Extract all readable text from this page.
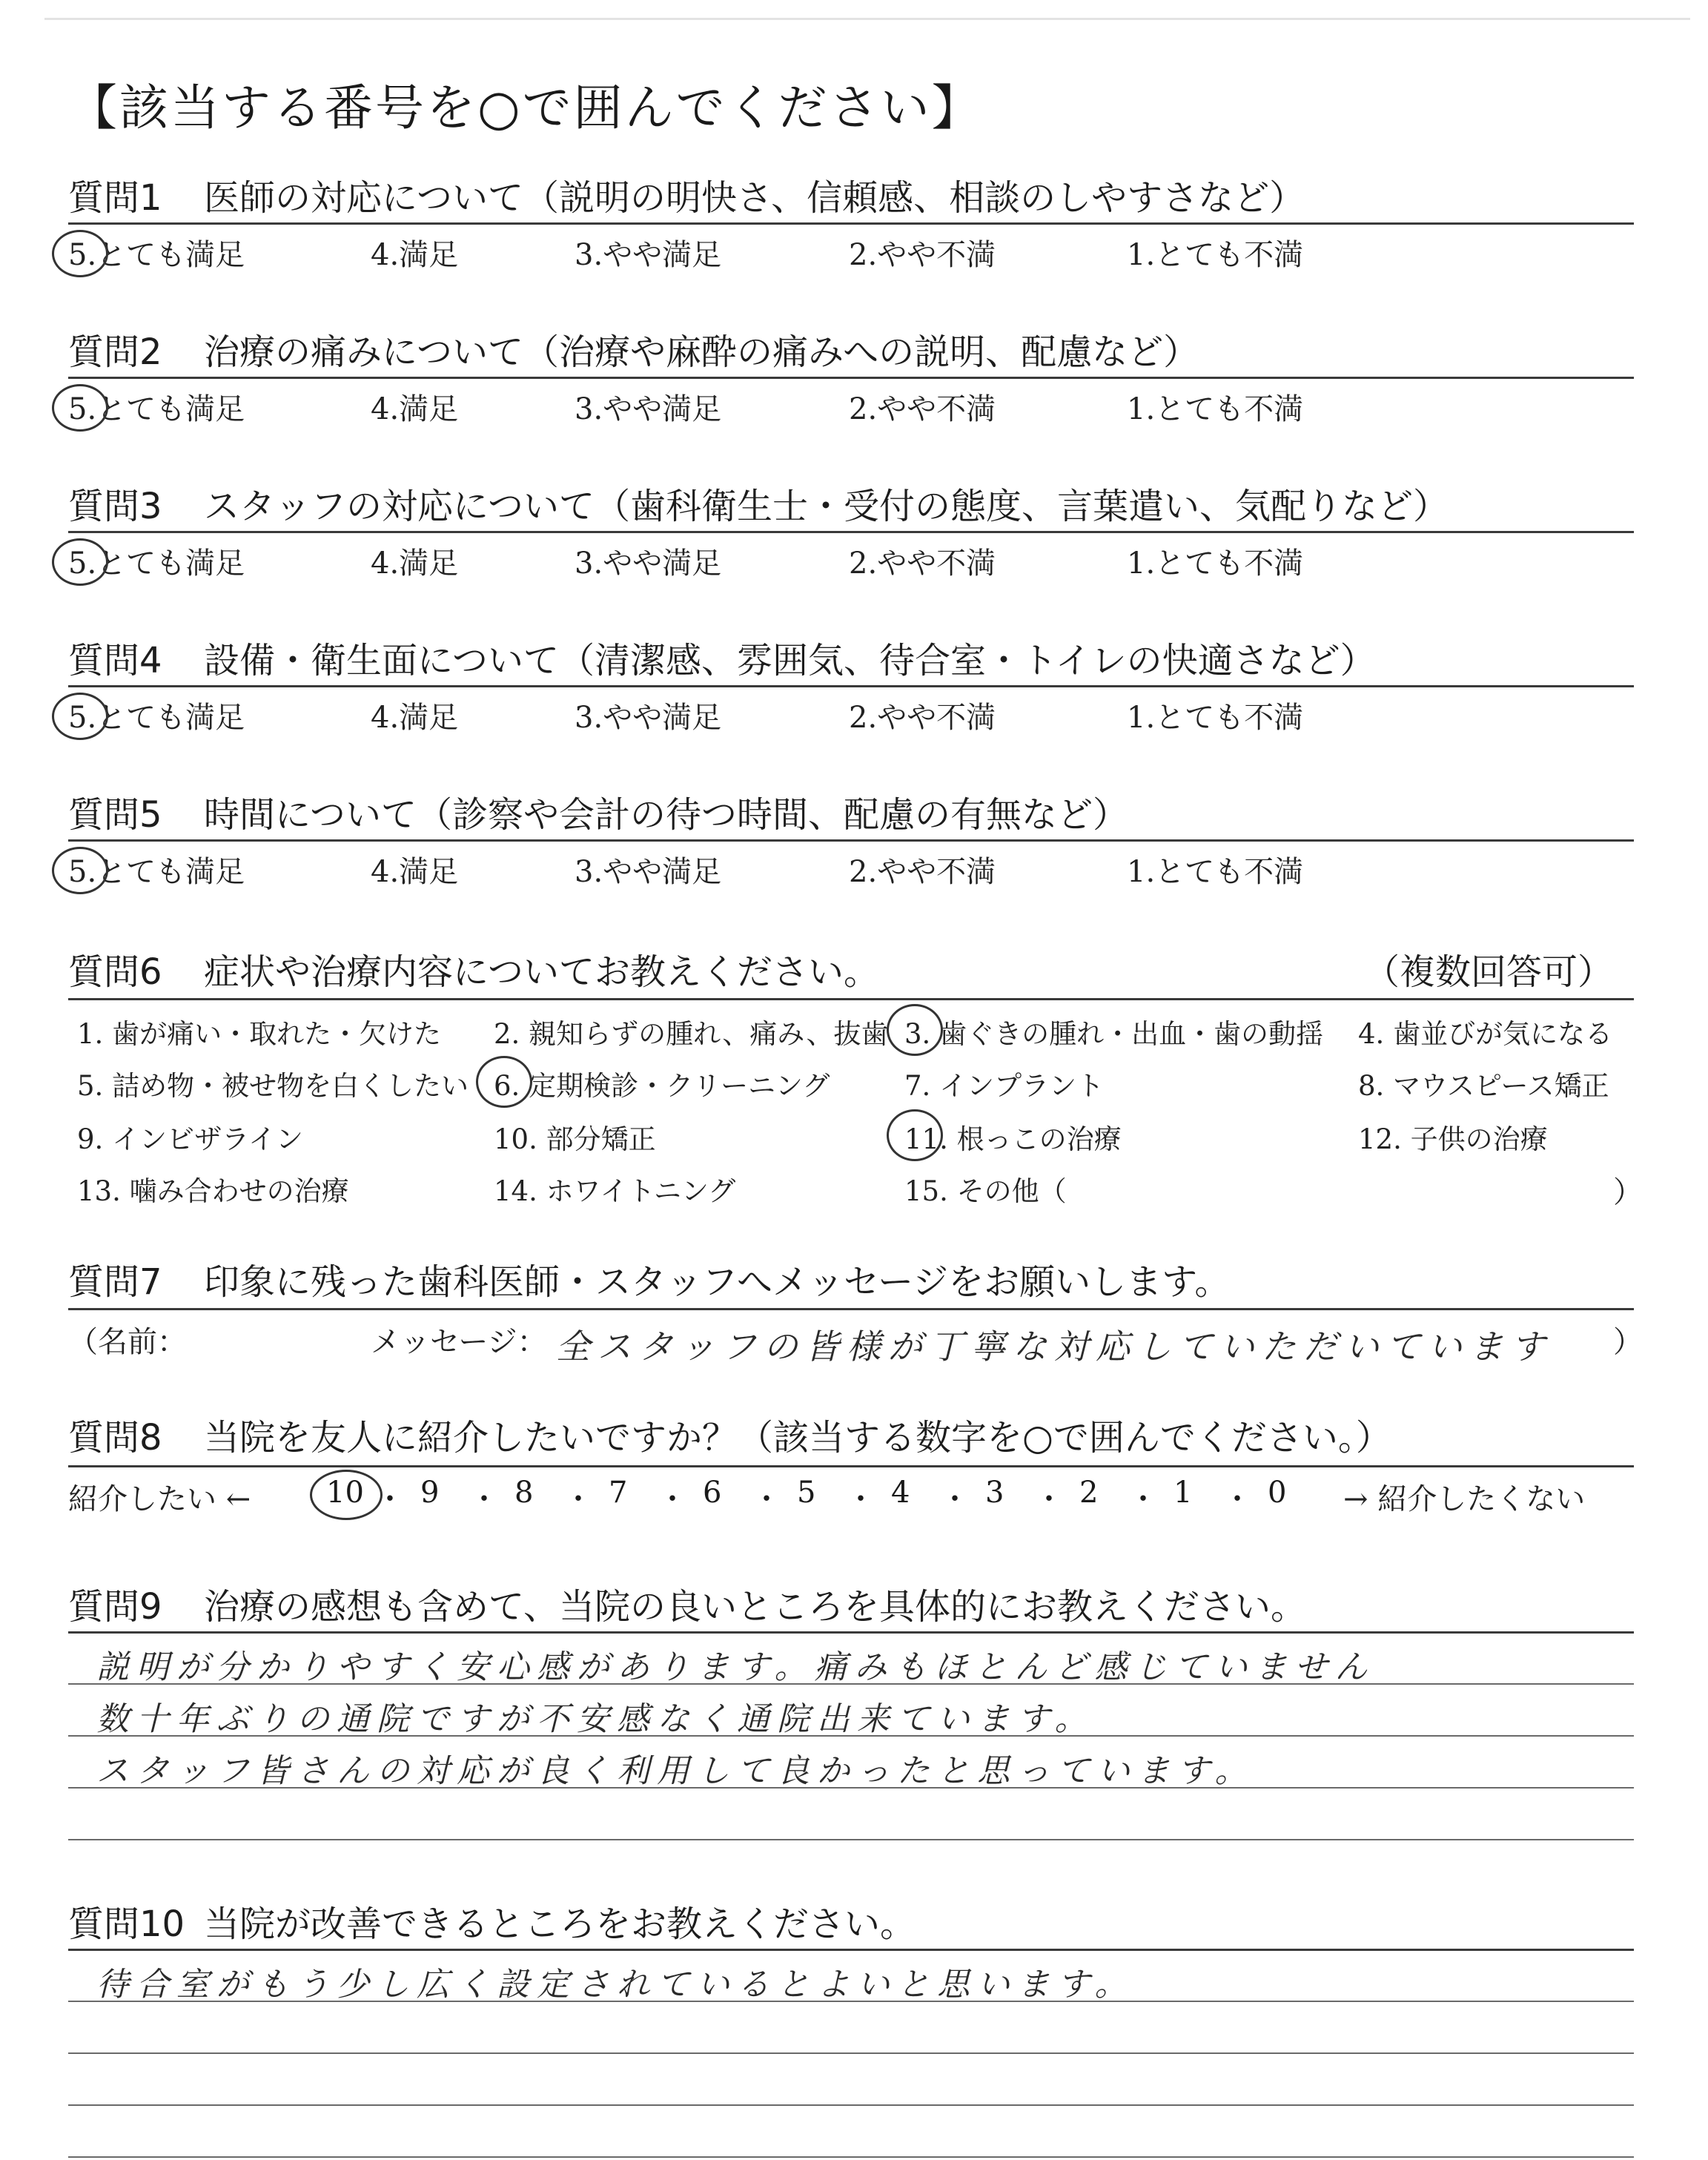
【該当する番号を○で囲んでください】
質問1 医師の対応について（説明の明快さ、信頼感、相談のしやすさなど）
5.とても満足	4.満足	3.やや満足	2.やや不満	1.とても不満
質問2 治療の痛みについて（治療や麻酔の痛みへの説明、配慮など）
5.とても満足	4.満足	3.やや満足	2.やや不満	1.とても不満
質問3 スタッフの対応について（歯科衛生士・受付の態度、言葉遣い、気配りなど）
5.とても満足	4.満足	3.やや満足	2.やや不満	1.とても不満
質問4 設備・衛生面について（清潔感、雰囲気、待合室・トイレの快適さなど）
5.とても満足	4.満足	3.やや満足	2.やや不満	1.とても不満
質問5 時間について（診察や会計の待つ時間、配慮の有無など）
5.とても満足	4.満足	3.やや満足	2.やや不満	1.とても不満
質問6 症状や治療内容についてお教えください。	（複数回答可）
1. 歯が痛い・取れた・欠けた 2. 親知らずの腫れ、痛み、抜歯 3. 歯ぐきの腫れ・出血・歯の動揺 4. 歯並びが気になる
5. 詰め物・被せ物を白くしたい 6. 定期検診・クリーニング	7. インプラント	8. マウスピース矯正
9. インビザライン	10. 部分矯正	11. 根っこの治療	12. 子供の治療
13. 噛み合わせの治療	14. ホワイトニング	15. その他（	）
質問7 印象に残った歯科医師・スタッフへメッセージをお願いします。
（名前：	メッセージ： 全スタッフの皆様が丁寧な対応していただいています ）
質問8 当院を友人に紹介したいですか？（該当する数字を○で囲んでください。）
紹介したい ←	10 ・ 9 ・ 8 ・ 7 ・ 6 ・ 5 ・ 4 ・ 3 ・ 2 ・ 1 ・ 0 → 紹介したくない
質問9 治療の感想も含めて、当院の良いところを具体的にお教えください。
説明が分かりやすく安心感があります。痛みもほとんど感じていません
数十年ぶりの通院ですが不安感なく通院出来ています。
スタッフ皆さんの対応が良く利用して良かったと思っています。
質問10 当院が改善できるところをお教えください。
待合室がもう少し広く設定されているとよいと思います。
